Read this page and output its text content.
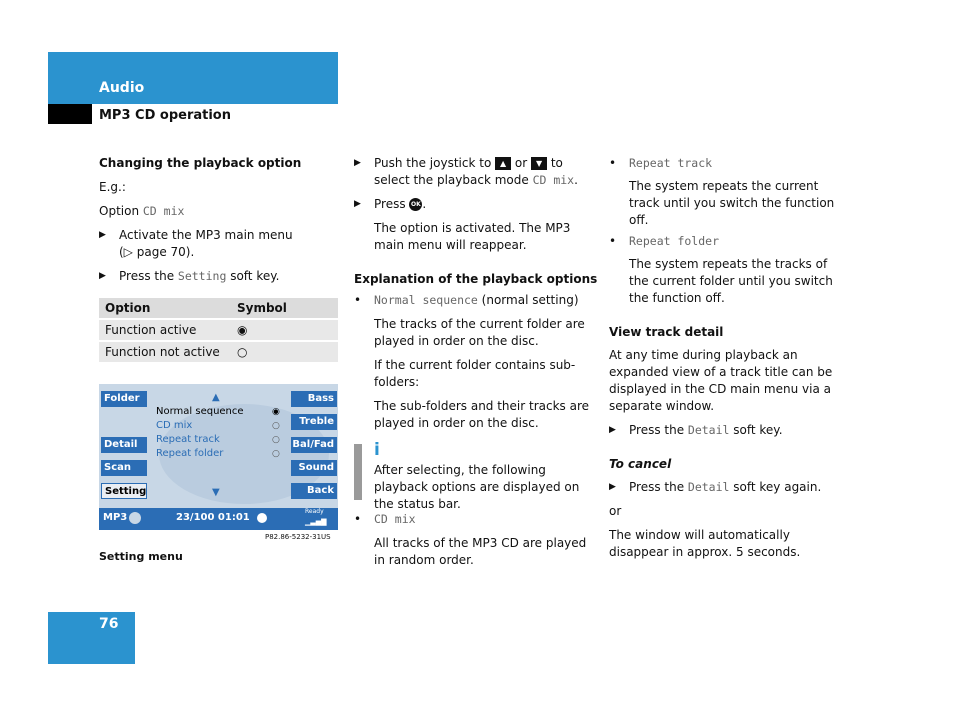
Audio
MP3 CD operation

Changing the playback option

E.g.:

Option CD mix

▶ Activate the MP3 main menu

(▷ page 70).

▶ Press the Setting soft key.

Option	Symbol
Function active	◉
Function not active	○
Folder
Detail
Scan
Setting
Bass
Treble
Bal/Fad
Sound
Back
▲
Normal sequence
CD mix
Repeat track
Repeat folder
◉
○
○
○
▼
MP3	23/100 01:01
Ready
▁▃▅▇
P82.86-5232-31US
Setting menu
▶ Push the joystick to ▲ or ▼ to

select the playback mode CD mix.

▶ Press OK .

The option is activated. The MP3 main menu will reappear.

Explanation of the playback options

• Normal sequence (normal setting)

The tracks of the current folder are played in order on the disc.

If the current folder contains sub-folders:

The sub-folders and their tracks are played in order on the disc.

i
After selecting, the following playback options are displayed on the status bar.
• CD mix

All tracks of the MP3 CD are played in random order.

• Repeat track

The system repeats the current track until you switch the function off.

• Repeat folder

The system repeats the tracks of the current folder until you switch the function off.

View track detail

At any time during playback an expanded view of a track title can be displayed in the CD main menu via a separate window.

▶ Press the Detail soft key.

To cancel

▶ Press the Detail soft key again.

or

The window will automatically disappear in approx. 5 seconds.

76
